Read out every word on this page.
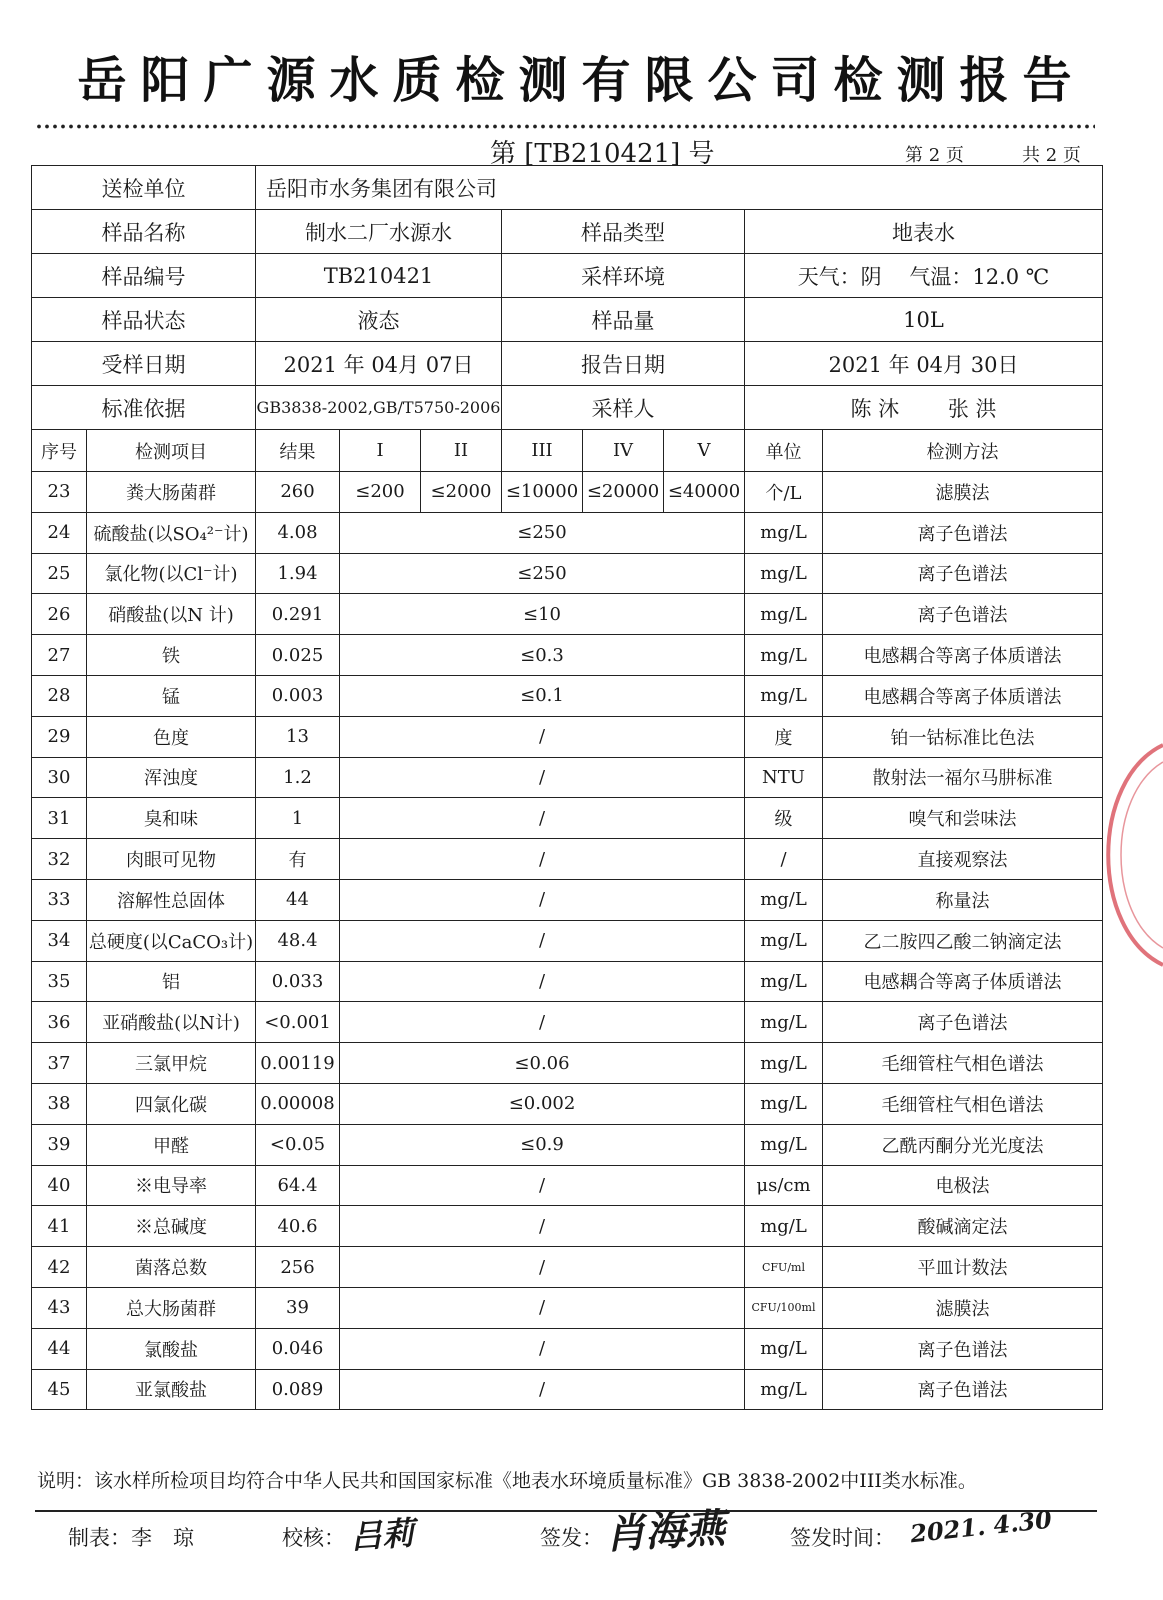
岳阳广源水质检测有限公司检测报告
第 [TB210421] 号	第 2 页	共 2 页
送检单位		岳阳市水务集团有限公司							
样品名称		制水二厂水源水			样品类型			地表水	
样品编号		TB210421			采样环境			天气：阴　 气温：12.0 ℃	
样品状态		液态			样品量			10L	
受样日期		2021 年 04月 07日			报告日期			2021 年 04月 30日	
标准依据		GB3838-2002,GB/T5750-2006			采样人			陈 沐　　 张 洪	
序号	检测项目	结果	I	II	III	IV	V	单位	检测方法
23	粪大肠菌群	260	≤200	≤2000	≤10000	≤20000	≤40000	个/L	滤膜法
24	硫酸盐(以SO₄²⁻计)	4.08	≤250					mg/L	离子色谱法
25	氯化物(以Cl⁻计)	1.94	≤250					mg/L	离子色谱法
26	硝酸盐(以N 计)	0.291	≤10					mg/L	离子色谱法
27	铁	0.025	≤0.3					mg/L	电感耦合等离子体质谱法
28	锰	0.003	≤0.1					mg/L	电感耦合等离子体质谱法
29	色度	13	/					度	铂一钴标准比色法
30	浑浊度	1.2	/					NTU	散射法一福尔马肼标准
31	臭和味	1	/					级	嗅气和尝味法
32	肉眼可见物	有	/					/	直接观察法
33	溶解性总固体	44	/					mg/L	称量法
34	总硬度(以CaCO₃计)	48.4	/					mg/L	乙二胺四乙酸二钠滴定法
35	铝	0.033	/					mg/L	电感耦合等离子体质谱法
36	亚硝酸盐(以N计)	<0.001	/					mg/L	离子色谱法
37	三氯甲烷	0.00119	≤0.06					mg/L	毛细管柱气相色谱法
38	四氯化碳	0.00008	≤0.002					mg/L	毛细管柱气相色谱法
39	甲醛	<0.05	≤0.9					mg/L	乙酰丙酮分光光度法
40	※电导率	64.4	/					μs/cm	电极法
41	※总碱度	40.6	/					mg/L	酸碱滴定法
42	菌落总数	256	/					CFU/ml	平皿计数法
43	总大肠菌群	39	/					CFU/100ml	滤膜法
44	氯酸盐	0.046	/					mg/L	离子色谱法
45	亚氯酸盐	0.089	/					mg/L	离子色谱法
说明：该水样所检项目均符合中华人民共和国国家标准《地表水环境质量标准》GB 3838-2002中III类水标准。
制表：李　琼	校核： 吕莉	签发： 肖海燕	签发时间： 2021. 4.30
